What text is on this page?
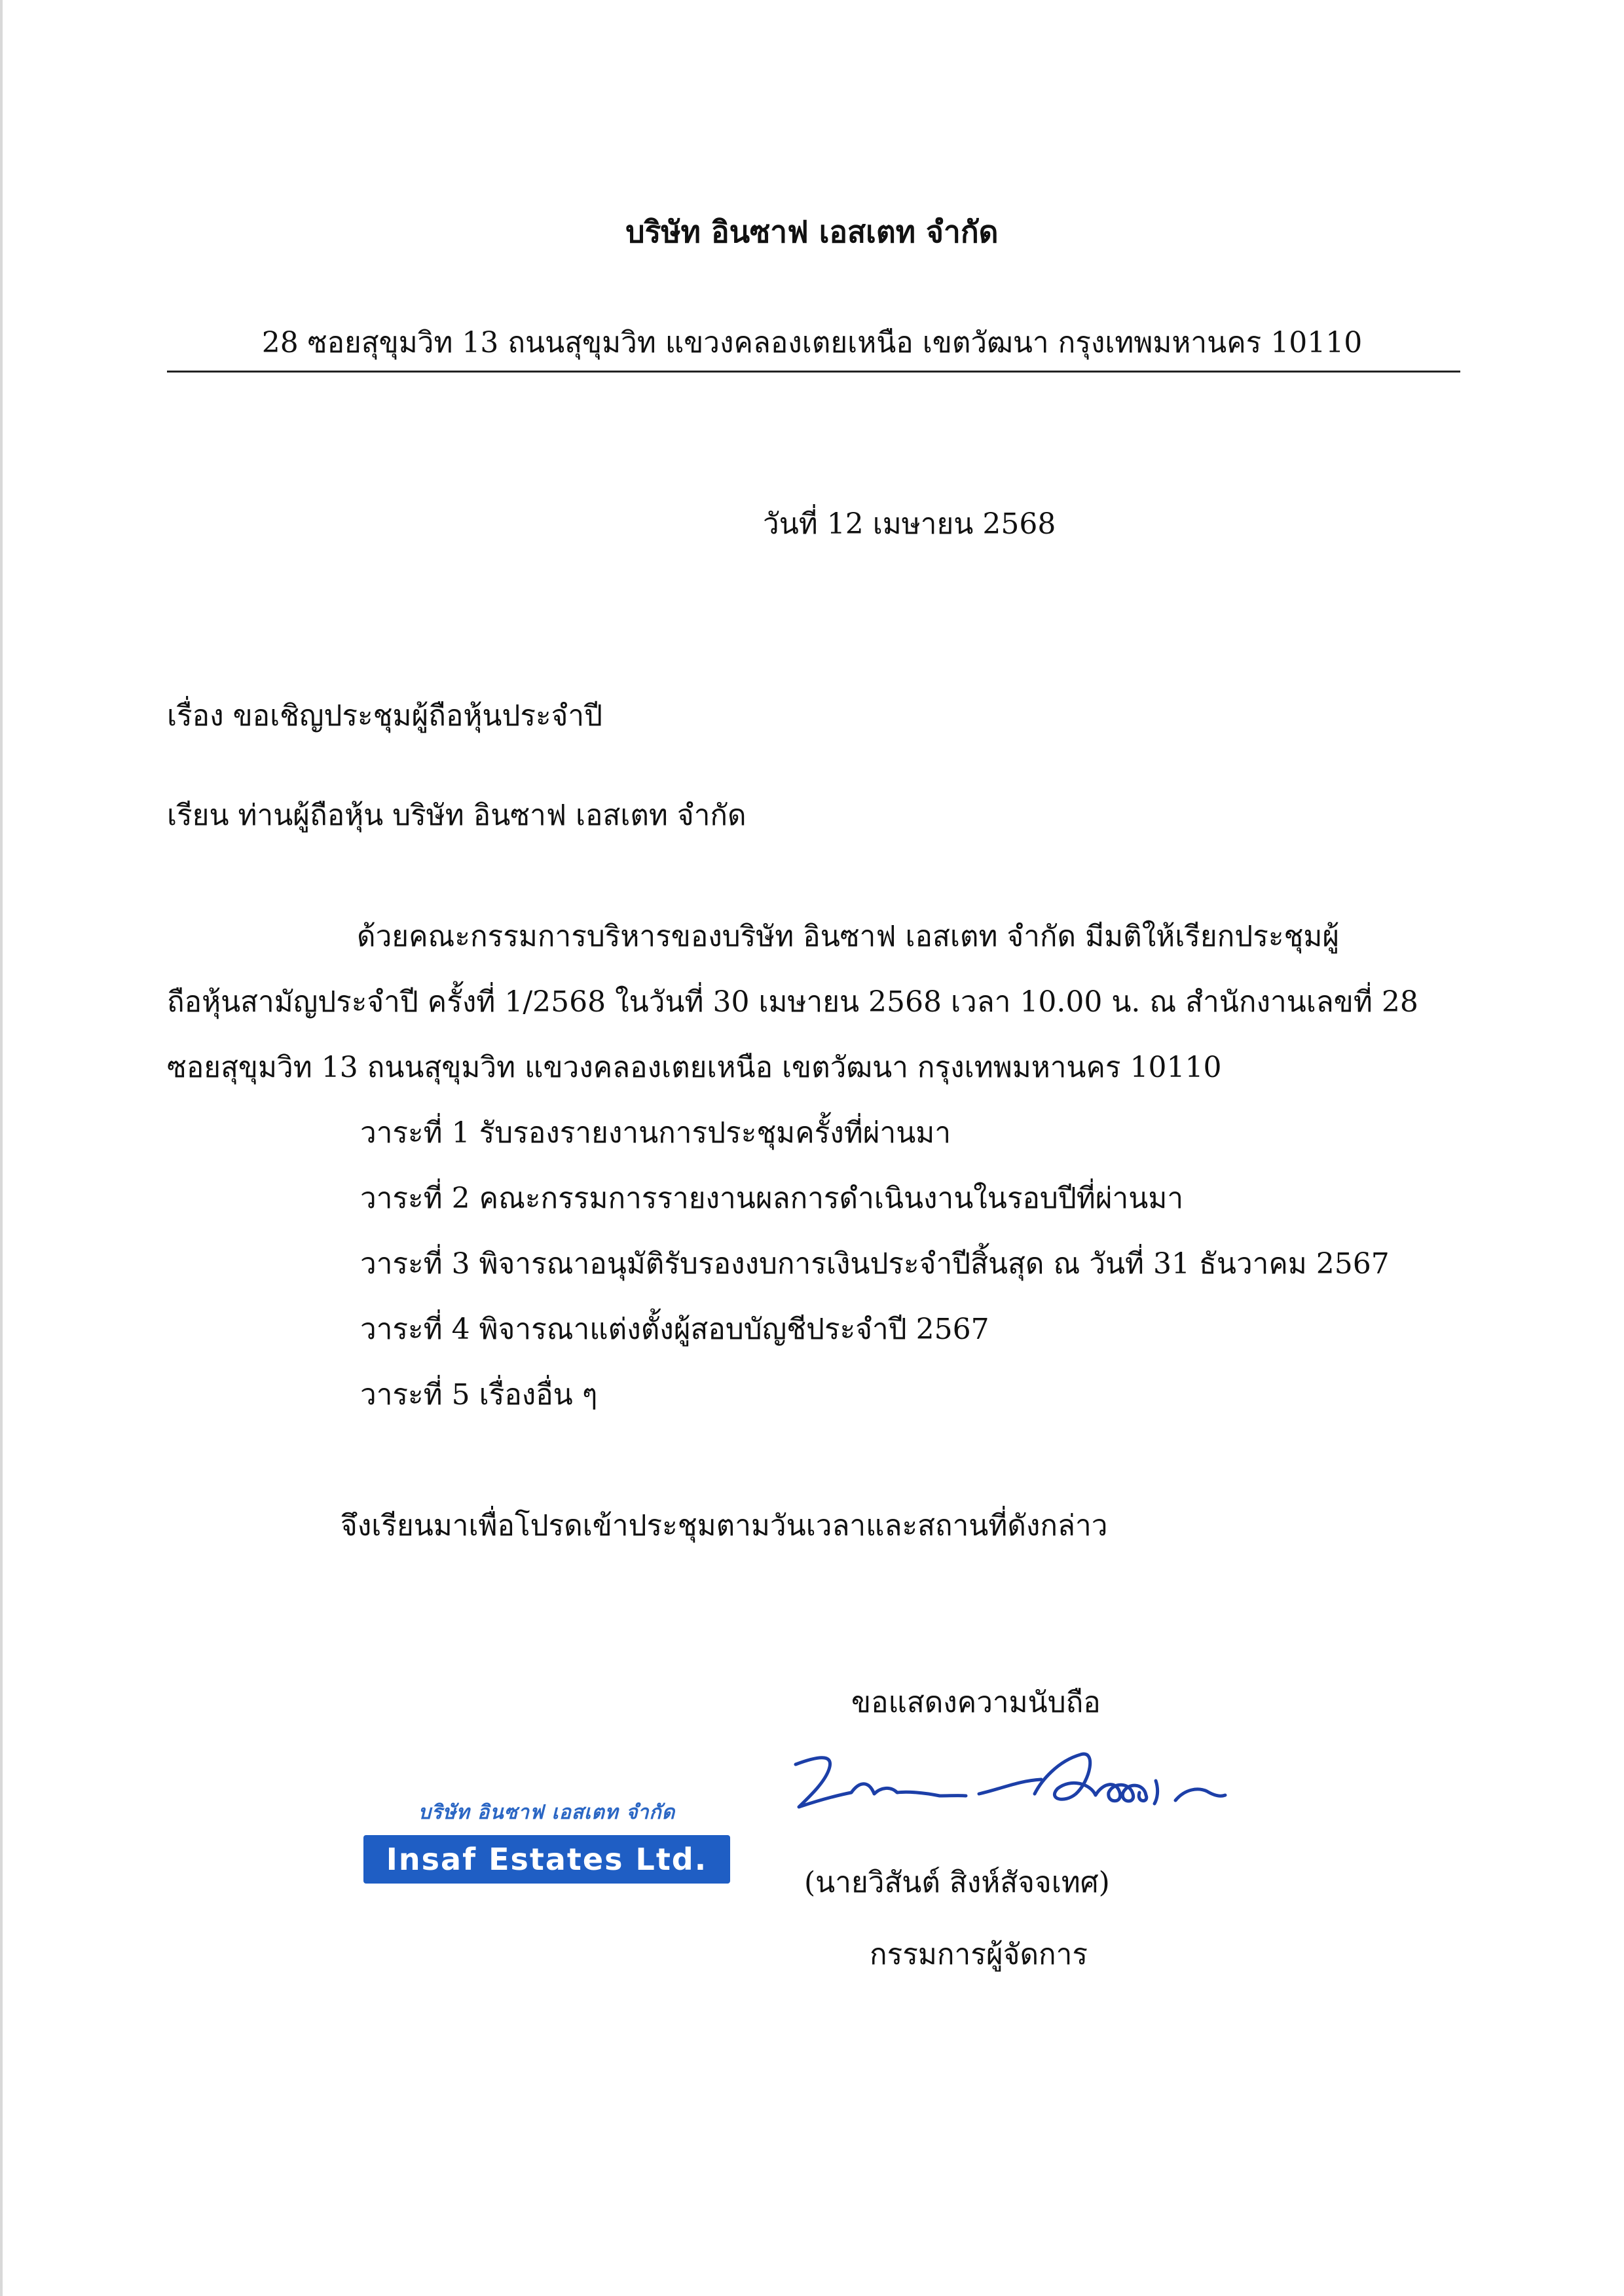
บริษัท อินซาฟ เอสเตท จำกัด
28 ซอยสุขุมวิท 13 ถนนสุขุมวิท แขวงคลองเตยเหนือ เขตวัฒนา กรุงเทพมหานคร 10110
วันที่ 12 เมษายน 2568
เรื่อง ขอเชิญประชุมผู้ถือหุ้นประจำปี
เรียน ท่านผู้ถือหุ้น บริษัท อินซาฟ เอสเตท จำกัด
ด้วยคณะกรรมการบริหารของบริษัท อินซาฟ เอสเตท จำกัด มีมติให้เรียกประชุมผู้
ถือหุ้นสามัญประจำปี ครั้งที่ 1/2568 ในวันที่ 30 เมษายน 2568 เวลา 10.00 น. ณ สำนักงานเลขที่ 28
ซอยสุขุมวิท 13 ถนนสุขุมวิท แขวงคลองเตยเหนือ เขตวัฒนา กรุงเทพมหานคร 10110
วาระที่ 1 รับรองรายงานการประชุมครั้งที่ผ่านมา
วาระที่ 2 คณะกรรมการรายงานผลการดำเนินงานในรอบปีที่ผ่านมา
วาระที่ 3 พิจารณาอนุมัติรับรองงบการเงินประจำปีสิ้นสุด ณ วันที่ 31 ธันวาคม 2567
วาระที่ 4 พิจารณาแต่งตั้งผู้สอบบัญชีประจำปี 2567
วาระที่ 5 เรื่องอื่น ๆ
จึงเรียนมาเพื่อโปรดเข้าประชุมตามวันเวลาและสถานที่ดังกล่าว
ขอแสดงความนับถือ
บริษัท อินซาฟ เอสเตท จำกัด
Insaf Estates Ltd.
(นายวิสันต์ สิงห์สัจจเทศ)
กรรมการผู้จัดการ
